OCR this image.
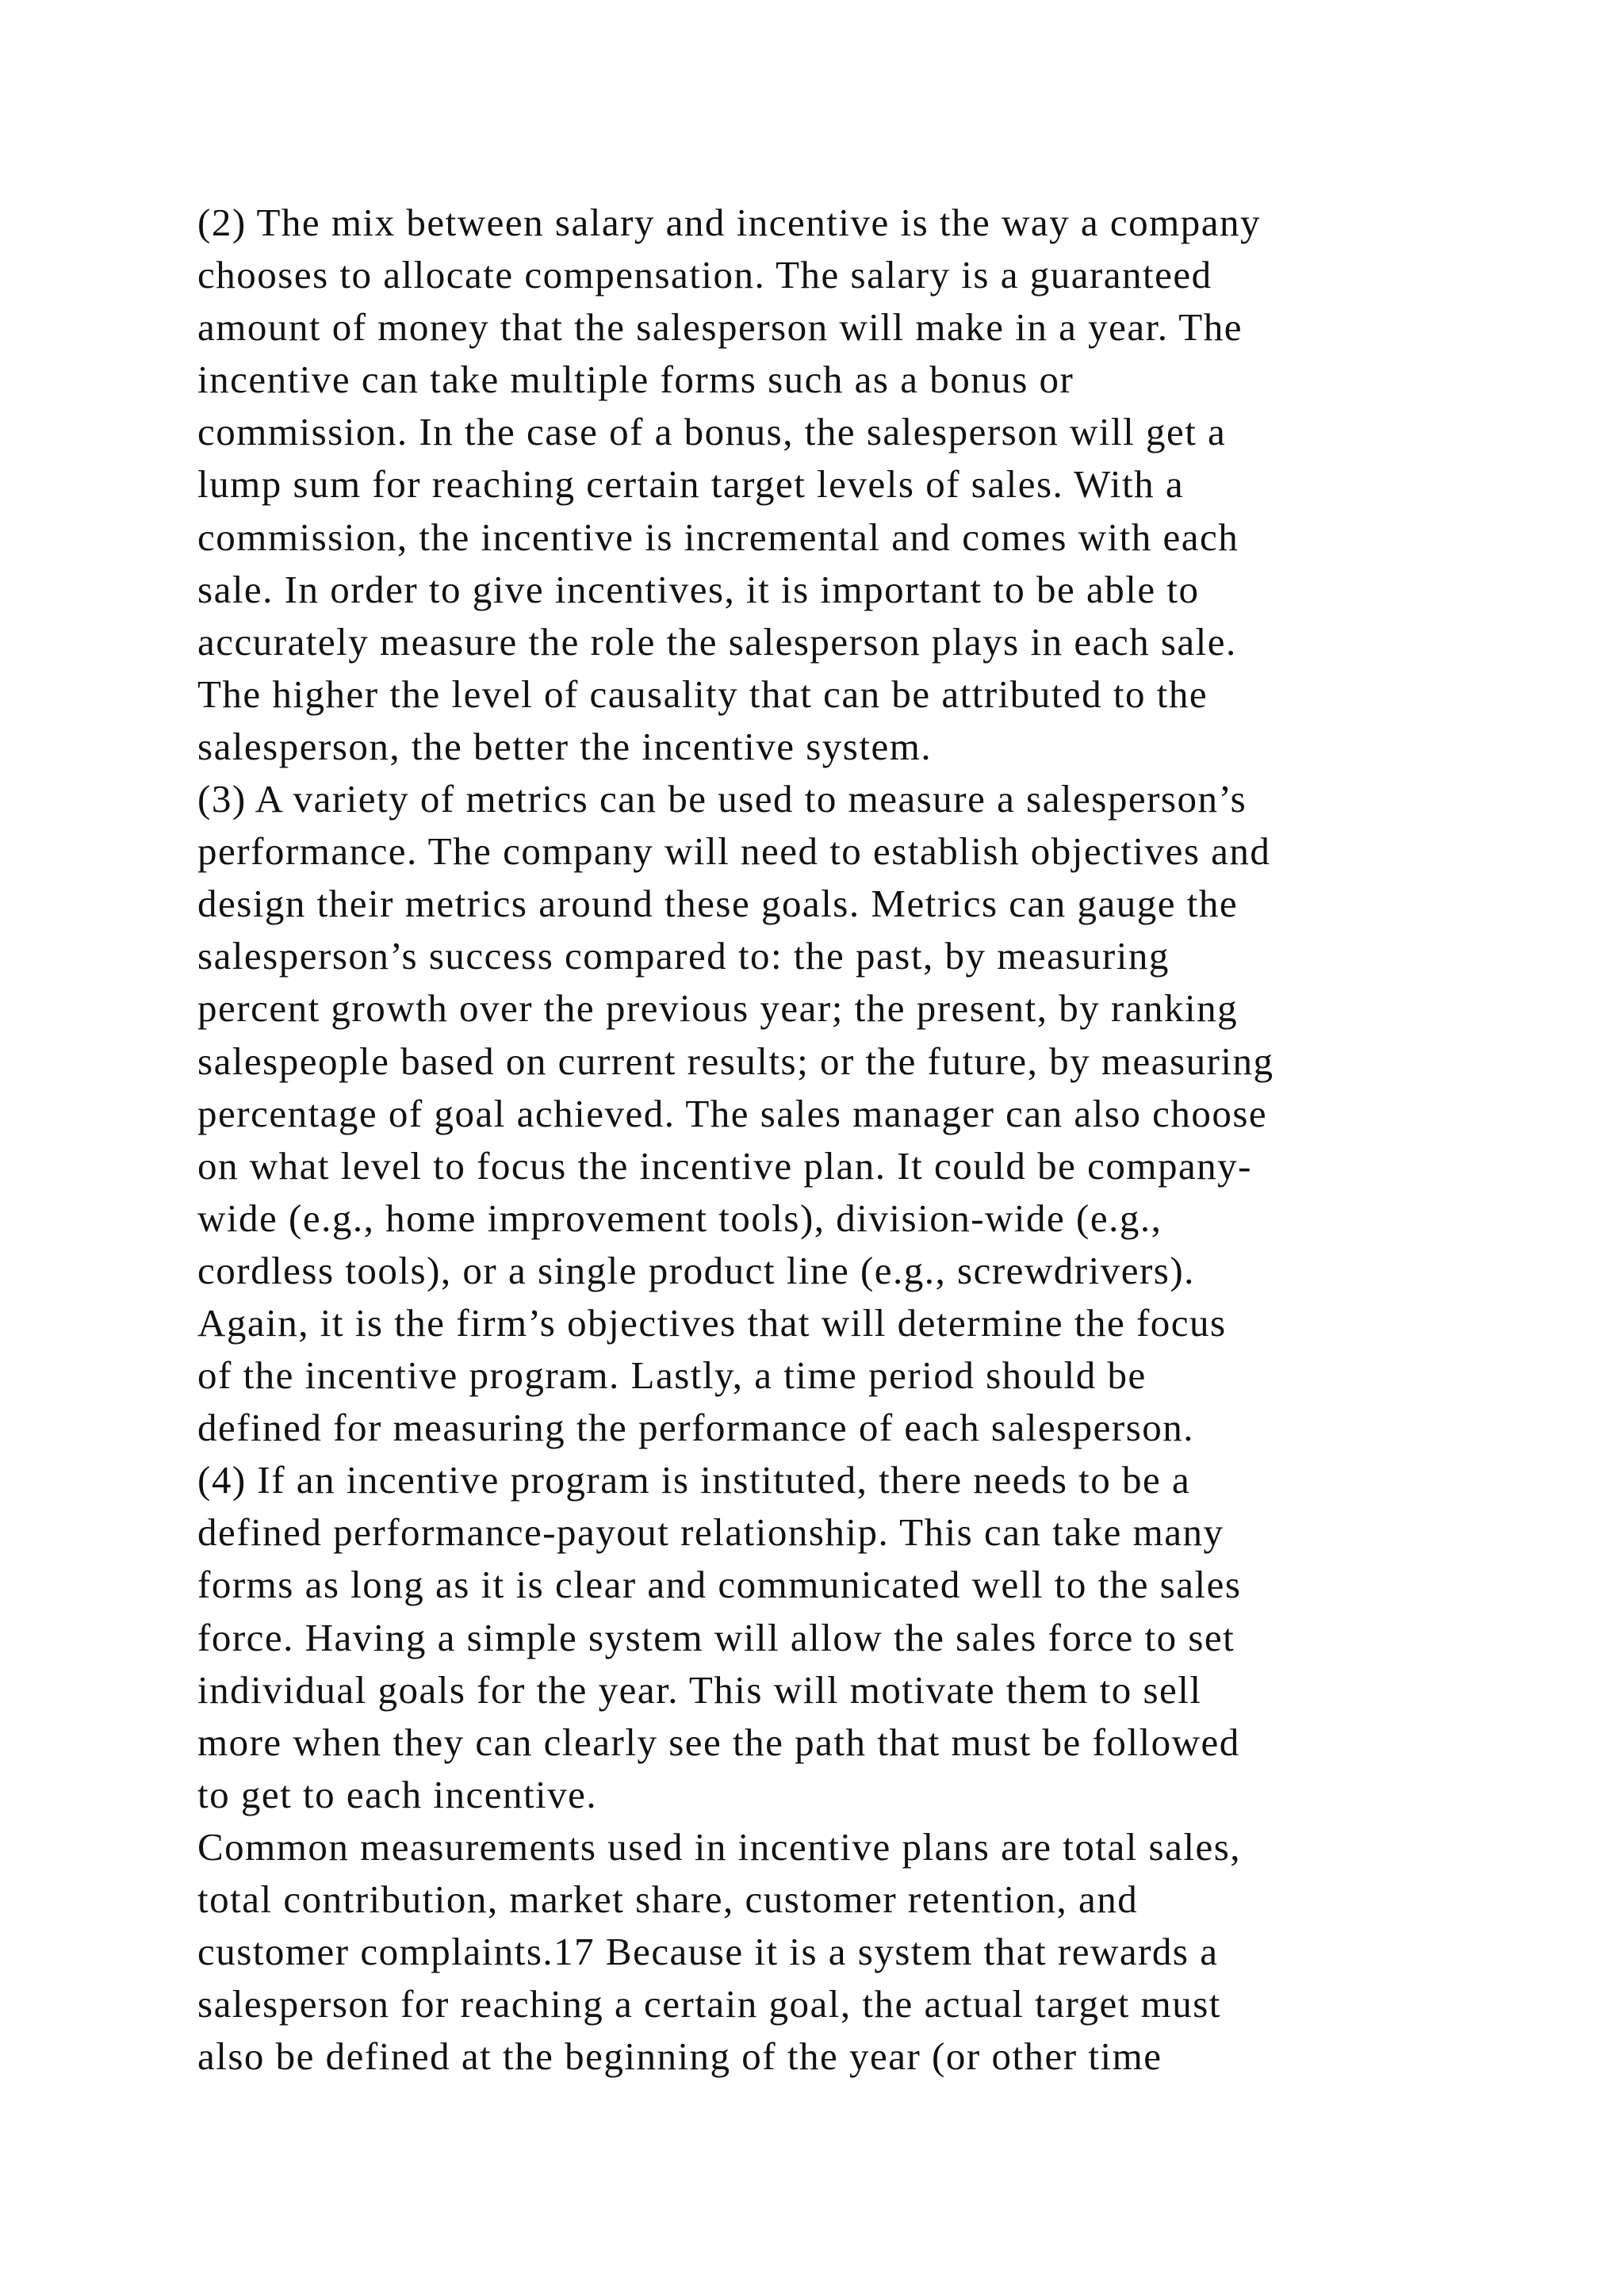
(2) The mix between salary and incentive is the way a company
chooses to allocate compensation. The salary is a guaranteed
amount of money that the salesperson will make in a year. The
incentive can take multiple forms such as a bonus or
commission. In the case of a bonus, the salesperson will get a
lump sum for reaching certain target levels of sales. With a
commission, the incentive is incremental and comes with each
sale. In order to give incentives, it is important to be able to
accurately measure the role the salesperson plays in each sale.
The higher the level of causality that can be attributed to the
salesperson, the better the incentive system.
(3) A variety of metrics can be used to measure a salesperson’s
performance. The company will need to establish objectives and
design their metrics around these goals. Metrics can gauge the
salesperson’s success compared to: the past, by measuring
percent growth over the previous year; the present, by ranking
salespeople based on current results; or the future, by measuring
percentage of goal achieved. The sales manager can also choose
on what level to focus the incentive plan. It could be company-
wide (e.g., home improvement tools), division-wide (e.g.,
cordless tools), or a single product line (e.g., screwdrivers).
Again, it is the firm’s objectives that will determine the focus
of the incentive program. Lastly, a time period should be
defined for measuring the performance of each salesperson.
(4) If an incentive program is instituted, there needs to be a
defined performance-payout relationship. This can take many
forms as long as it is clear and communicated well to the sales
force. Having a simple system will allow the sales force to set
individual goals for the year. This will motivate them to sell
more when they can clearly see the path that must be followed
to get to each incentive.
Common measurements used in incentive plans are total sales,
total contribution, market share, customer retention, and
customer complaints.17 Because it is a system that rewards a
salesperson for reaching a certain goal, the actual target must
also be defined at the beginning of the year (or other time
